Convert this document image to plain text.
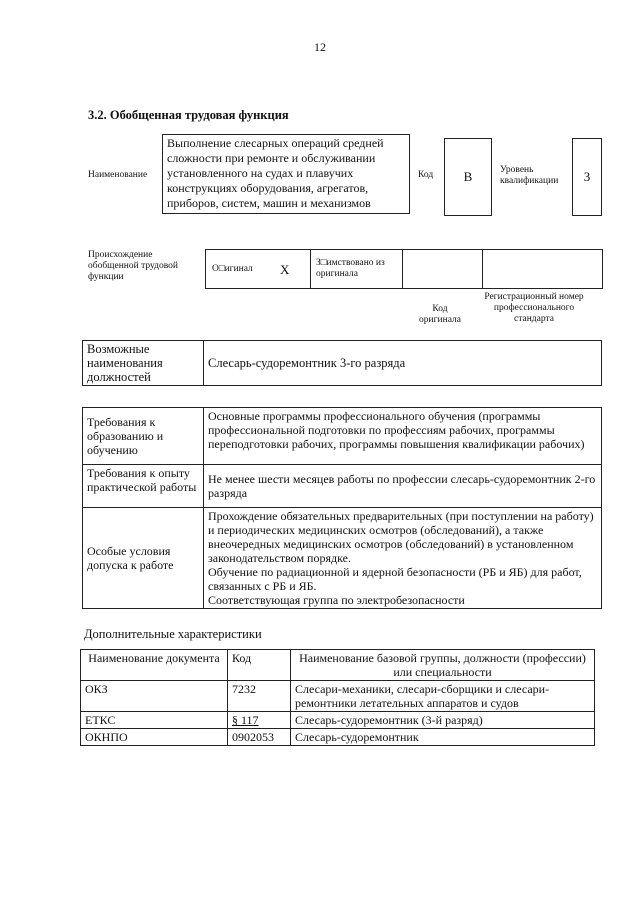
12
3.2. Обобщенная трудовая функция
Наименование
Выполнение слесарных операций средней сложности при ремонте и обслуживании установленного на судах и плавучих конструкциях оборудования, агрегатов, приборов, систем, машин и механизмов
Код	В	Уровень квалификации	3
Происхождение обобщенной трудовой функции
О□игинал X	З□имствовано из оригинала
Код оригинала
Регистрационный номер профессионального стандарта
Возможные наименования должностей	Слесарь-судоремонтник 3-го разряда
Требования к образованию и обучению	Основные программы профессионального обучения (программы профессиональной подготовки по профессиям рабочих, программы переподготовки рабочих, программы повышения квалификации рабочих)
Требования к опыту практической работы	Не менее шести месяцев работы по профессии слесарь-судоремонтник 2-го разряда
Особые условия допуска к работе	Прохождение обязательных предварительных (при поступлении на работу) и периодических медицинских осмотров (обследований), а также внеочередных медицинских осмотров (обследований) в установленном законодательством порядке.
Обучение по радиационной и ядерной безопасности (РБ и ЯБ) для работ, связанных с РБ и ЯБ.
Соответствующая группа по электробезопасности
Дополнительные характеристики
Наименование документа	Код	Наименование базовой группы, должности (профессии) или специальности
ОКЗ	7232	Слесари-механики, слесари-сборщики и слесари-ремонтники летательных аппаратов и судов
ЕТКС	§ 117	Слесарь-судоремонтник (3-й разряд)
ОКНПО	0902053	Слесарь-судоремонтник
